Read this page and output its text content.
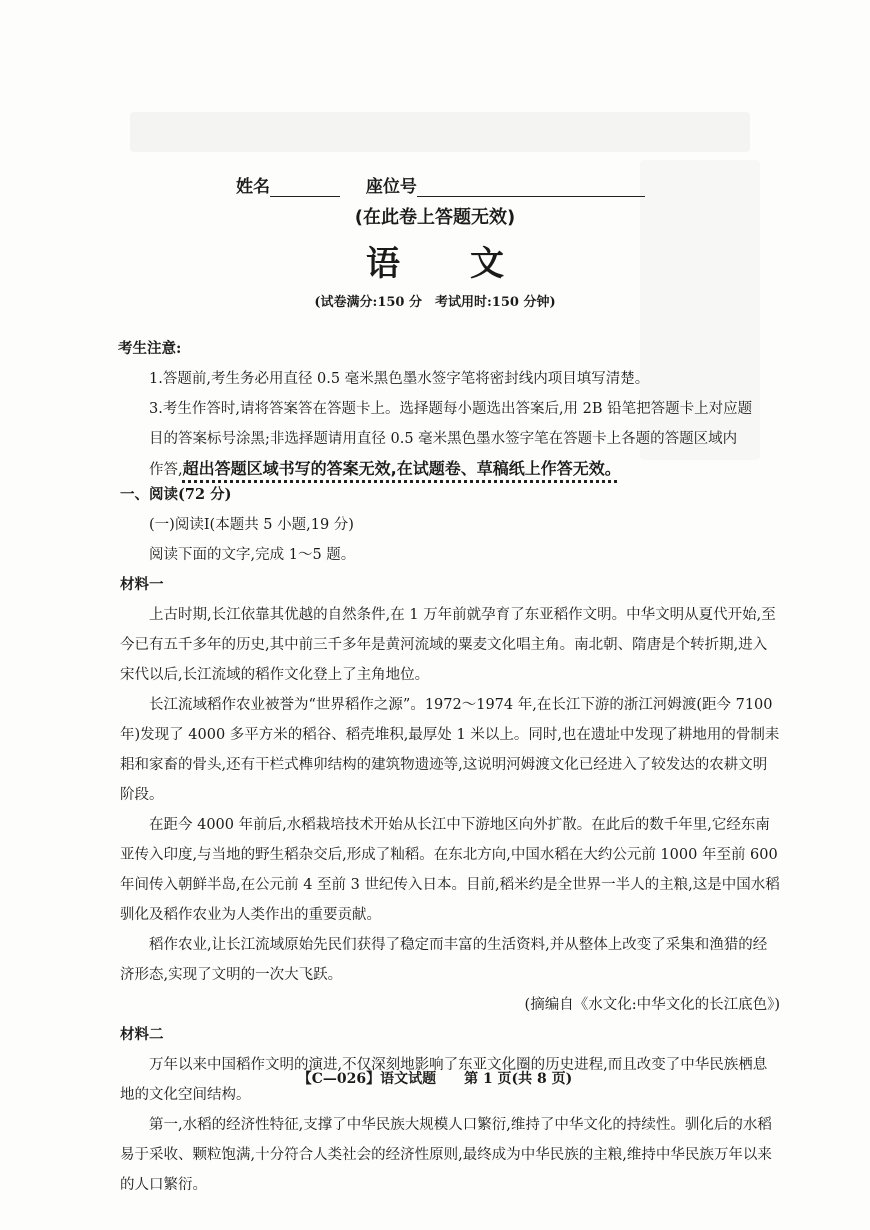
姓名	座位号
(在此卷上答题无效)
语文
(试卷满分:150 分　考试用时:150 分钟)

考生注意:

1.答题前,考生务必用直径 0.5 毫米黑色墨水签字笔将密封线内项目填写清楚。

3.考生作答时,请将答案答在答题卡上。选择题每小题选出答案后,用 2B 铅笔把答题卡上对应题

目的答案标号涂黑;非选择题请用直径 0.5 毫米黑色墨水签字笔在答题卡上各题的答题区域内

作答,超出答题区域书写的答案无效,在试题卷、草稿纸上作答无效。

一、阅读(72 分)

(一)阅读Ⅰ(本题共 5 小题,19 分)

阅读下面的文字,完成 1～5 题。

材料一

上古时期,长江依靠其优越的自然条件,在 1 万年前就孕育了东亚稻作文明。中华文明从夏代开始,至今已有五千多年的历史,其中前三千多年是黄河流域的粟麦文化唱主角。南北朝、隋唐是个转折期,进入宋代以后,长江流域的稻作文化登上了主角地位。

长江流域稻作农业被誉为“世界稻作之源”。1972～1974 年,在长江下游的浙江河姆渡(距今 7100 年)发现了 4000 多平方米的稻谷、稻壳堆积,最厚处 1 米以上。同时,也在遗址中发现了耕地用的骨制耒耜和家畜的骨头,还有干栏式榫卯结构的建筑物遗迹等,这说明河姆渡文化已经进入了较发达的农耕文明阶段。

在距今 4000 年前后,水稻栽培技术开始从长江中下游地区向外扩散。在此后的数千年里,它经东南亚传入印度,与当地的野生稻杂交后,形成了籼稻。在东北方向,中国水稻在大约公元前 1000 年至前 600 年间传入朝鲜半岛,在公元前 4 至前 3 世纪传入日本。目前,稻米约是全世界一半人的主粮,这是中国水稻驯化及稻作农业为人类作出的重要贡献。

稻作农业,让长江流域原始先民们获得了稳定而丰富的生活资料,并从整体上改变了采集和渔猎的经济形态,实现了文明的一次大飞跃。

(摘编自《水文化:中华文化的长江底色》)

材料二

万年以来中国稻作文明的演进,不仅深刻地影响了东亚文化圈的历史进程,而且改变了中华民族栖息地的文化空间结构。

第一,水稻的经济性特征,支撑了中华民族大规模人口繁衍,维持了中华文化的持续性。驯化后的水稻易于采收、颗粒饱满,十分符合人类社会的经济性原则,最终成为中华民族的主粮,维持中华民族万年以来的人口繁衍。

【C—026】语文试题　　第 1 页(共 8 页)
